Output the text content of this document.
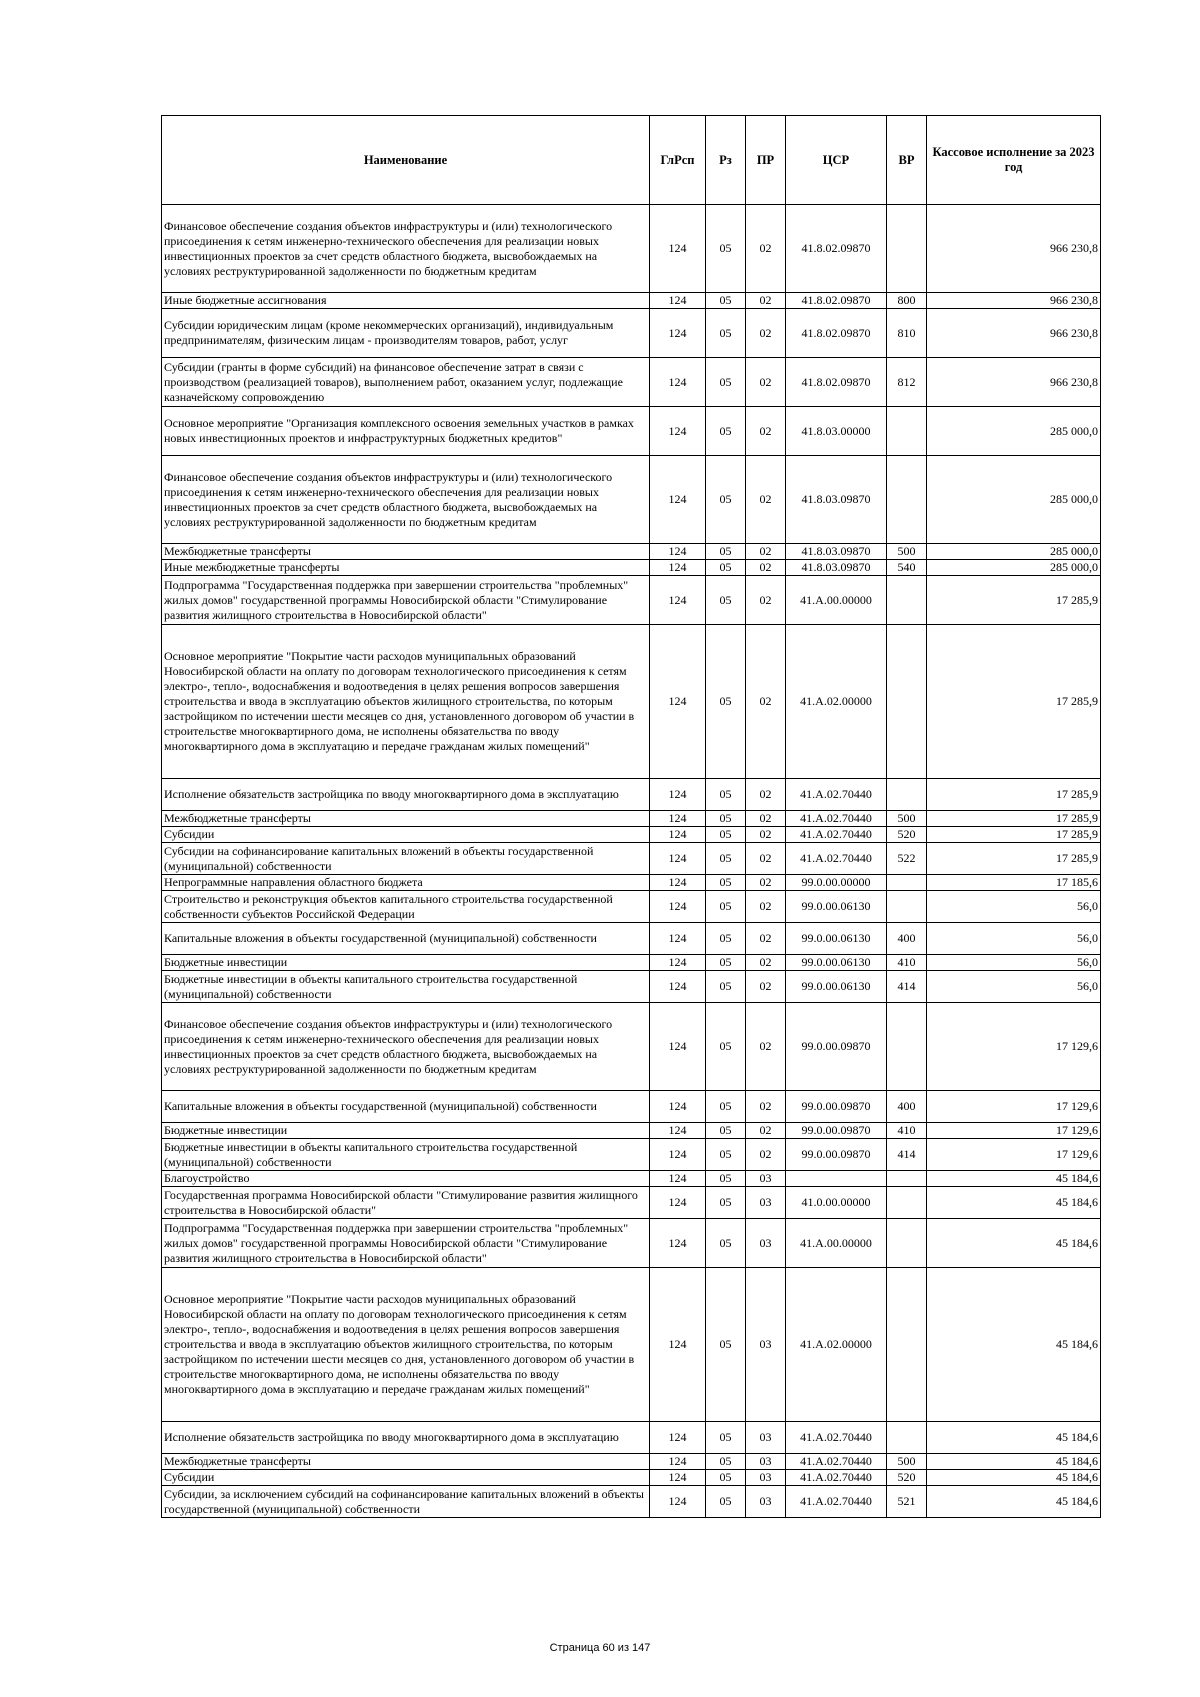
Наименование	ГлРсп	Рз	ПР	ЦСР	ВР	Кассовое исполнение за 2023 год
Финансовое обеспечение создания объектов инфраструктуры и (или) технологического присоединения к сетям инженерно-технического обеспечения для реализации новых инвестиционных проектов за счет средств областного бюджета, высвобождаемых на условиях реструктурированной задолженности по бюджетным кредитам	124	05	02	41.8.02.09870		966 230,8
Иные бюджетные ассигнования	124	05	02	41.8.02.09870	800	966 230,8
Субсидии юридическим лицам (кроме некоммерческих организаций), индивидуальным предпринимателям, физическим лицам - производителям товаров, работ, услуг	124	05	02	41.8.02.09870	810	966 230,8
Субсидии (гранты в форме субсидий) на финансовое обеспечение затрат в связи с производством (реализацией товаров), выполнением работ, оказанием услуг, подлежащие казначейскому сопровождению	124	05	02	41.8.02.09870	812	966 230,8
Основное мероприятие "Организация комплексного освоения земельных участков в рамках новых инвестиционных проектов и инфраструктурных бюджетных кредитов"	124	05	02	41.8.03.00000		285 000,0
Финансовое обеспечение создания объектов инфраструктуры и (или) технологического присоединения к сетям инженерно-технического обеспечения для реализации новых инвестиционных проектов за счет средств областного бюджета, высвобождаемых на условиях реструктурированной задолженности по бюджетным кредитам	124	05	02	41.8.03.09870		285 000,0
Межбюджетные трансферты	124	05	02	41.8.03.09870	500	285 000,0
Иные межбюджетные трансферты	124	05	02	41.8.03.09870	540	285 000,0
Подпрограмма "Государственная поддержка при завершении строительства "проблемных" жилых домов" государственной программы Новосибирской области "Стимулирование развития жилищного строительства в Новосибирской области"	124	05	02	41.А.00.00000		17 285,9
Основное мероприятие "Покрытие части расходов муниципальных образований Новосибирской области на оплату по договорам технологического присоединения к сетям электро-, тепло-, водоснабжения и водоотведения в целях решения вопросов завершения строительства и ввода в эксплуатацию объектов жилищного строительства, по которым застройщиком по истечении шести месяцев со дня, установленного договором об участии в строительстве многоквартирного дома, не исполнены обязательства по вводу многоквартирного дома в эксплуатацию и передаче гражданам жилых помещений"	124	05	02	41.А.02.00000		17 285,9
Исполнение обязательств застройщика по вводу многоквартирного дома в эксплуатацию	124	05	02	41.А.02.70440		17 285,9
Межбюджетные трансферты	124	05	02	41.А.02.70440	500	17 285,9
Субсидии	124	05	02	41.А.02.70440	520	17 285,9
Субсидии на софинансирование капитальных вложений в объекты государственной (муниципальной) собственности	124	05	02	41.А.02.70440	522	17 285,9
Непрограммные направления областного бюджета	124	05	02	99.0.00.00000		17 185,6
Строительство и реконструкция объектов капитального строительства государственной собственности субъектов Российской Федерации	124	05	02	99.0.00.06130		56,0
Капитальные вложения в объекты государственной (муниципальной) собственности	124	05	02	99.0.00.06130	400	56,0
Бюджетные инвестиции	124	05	02	99.0.00.06130	410	56,0
Бюджетные инвестиции в объекты капитального строительства государственной (муниципальной) собственности	124	05	02	99.0.00.06130	414	56,0
Финансовое обеспечение создания объектов инфраструктуры и (или) технологического присоединения к сетям инженерно-технического обеспечения для реализации новых инвестиционных проектов за счет средств областного бюджета, высвобождаемых на условиях реструктурированной задолженности по бюджетным кредитам	124	05	02	99.0.00.09870		17 129,6
Капитальные вложения в объекты государственной (муниципальной) собственности	124	05	02	99.0.00.09870	400	17 129,6
Бюджетные инвестиции	124	05	02	99.0.00.09870	410	17 129,6
Бюджетные инвестиции в объекты капитального строительства государственной (муниципальной) собственности	124	05	02	99.0.00.09870	414	17 129,6
Благоустройство	124	05	03			45 184,6
Государственная программа Новосибирской области "Стимулирование развития жилищного строительства в Новосибирской области"	124	05	03	41.0.00.00000		45 184,6
Подпрограмма "Государственная поддержка при завершении строительства "проблемных" жилых домов" государственной программы Новосибирской области "Стимулирование развития жилищного строительства в Новосибирской области"	124	05	03	41.А.00.00000		45 184,6
Основное мероприятие "Покрытие части расходов муниципальных образований Новосибирской области на оплату по договорам технологического присоединения к сетям электро-, тепло-, водоснабжения и водоотведения в целях решения вопросов завершения строительства и ввода в эксплуатацию объектов жилищного строительства, по которым застройщиком по истечении шести месяцев со дня, установленного договором об участии в строительстве многоквартирного дома, не исполнены обязательства по вводу многоквартирного дома в эксплуатацию и передаче гражданам жилых помещений"	124	05	03	41.А.02.00000		45 184,6
Исполнение обязательств застройщика по вводу многоквартирного дома в эксплуатацию	124	05	03	41.А.02.70440		45 184,6
Межбюджетные трансферты	124	05	03	41.А.02.70440	500	45 184,6
Субсидии	124	05	03	41.А.02.70440	520	45 184,6
Субсидии, за исключением субсидий на софинансирование капитальных вложений в объекты государственной (муниципальной) собственности	124	05	03	41.А.02.70440	521	45 184,6
Страница 60 из 147
